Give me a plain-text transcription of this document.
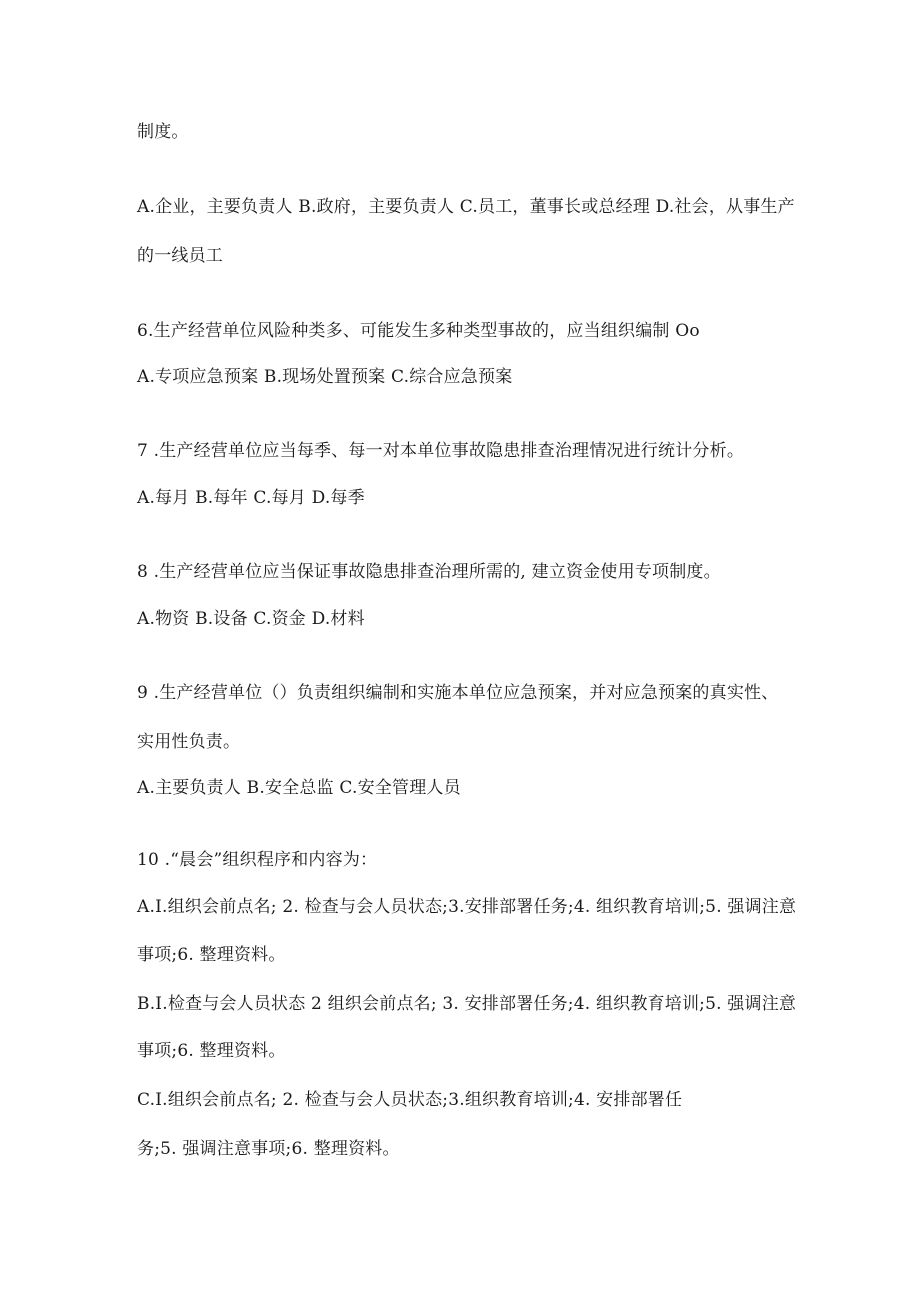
制度。
A.企业，主要负责人 B.政府，主要负责人 C.员工，董事长或总经理 D.社会，从事生产
的一线员工
6.生产经营单位风险种类多、可能发生多种类型事故的，应当组织编制 Oo
A.专项应急预案 B.现场处置预案 C.综合应急预案
7 .生产经营单位应当每季、每一对本单位事故隐患排查治理情况进行统计分析。
A.每月 B.每年 C.每月 D.每季
8 .生产经营单位应当保证事故隐患排查治理所需的, 建立资金使用专项制度。
A.物资 B.设备 C.资金 D.材料
9 .生产经营单位（）负责组织编制和实施本单位应急预案，并对应急预案的真实性、
实用性负责。
A.主要负责人 B.安全总监 C.安全管理人员
10 .“晨会”组织程序和内容为：
A.I.组织会前点名; 2. 检查与会人员状态;3.安排部署任务;4. 组织教育培训;5. 强调注意
事项;6. 整理资料。
B.I.检查与会人员状态 2 组织会前点名; 3. 安排部署任务;4. 组织教育培训;5. 强调注意
事项;6. 整理资料。
C.I.组织会前点名; 2. 检查与会人员状态;3.组织教育培训;4. 安排部署任
务;5. 强调注意事项;6. 整理资料。
